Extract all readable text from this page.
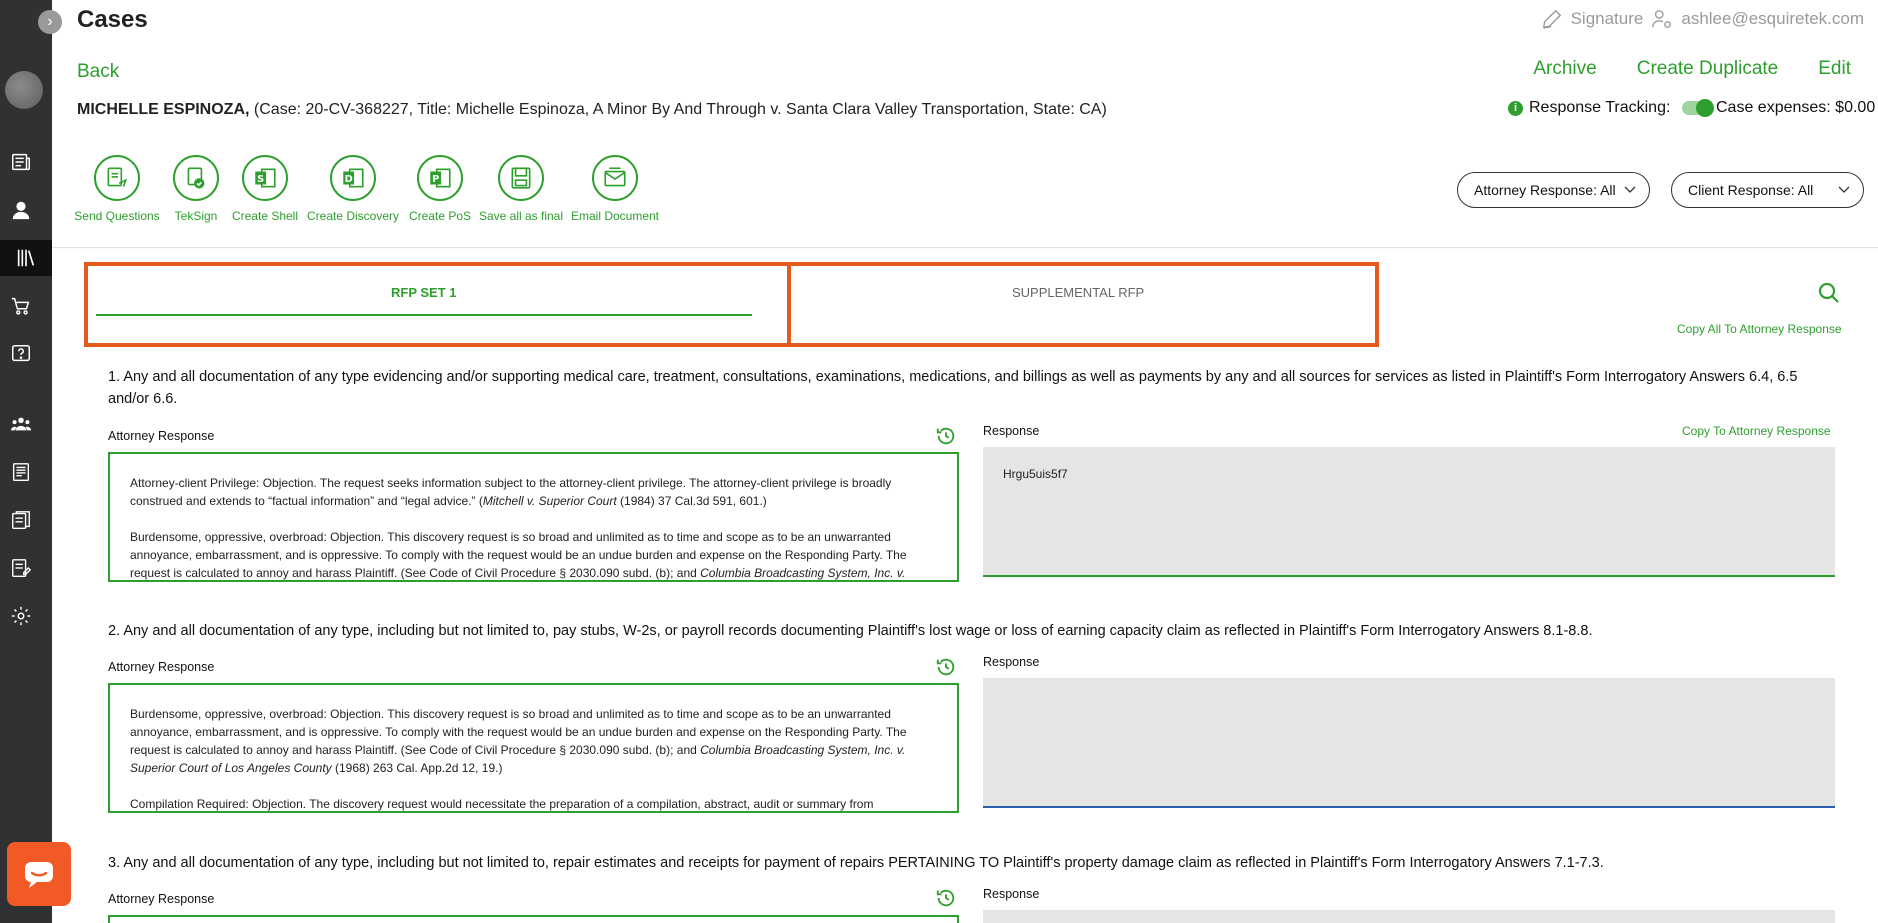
›	Cases	Signature ashlee@esquiretek.com
Back	Archive Create Duplicate Edit
MICHELLE ESPINOZA, (Case: 20-CV-368227, Title: Michelle Espinoza, A Minor By And Through v. Santa Clara Valley Transportation, State: CA)	i Response Tracking:	Case expenses: $0.00
Send Questions TekSign
S
Create Shell
D
Create Discovery
P
Create PoS Save all as final Email Document
Attorney Response: All	Client Response: All
RFP SET 1	SUPPLEMENTAL RFP
Copy All To Attorney Response
1. Any and all documentation of any type evidencing and/or supporting medical care, treatment, consultations, examinations, medications, and billings as well as payments by any and all sources for services as listed in Plaintiff's Form Interrogatory Answers 6.4, 6.5 and/or 6.6.
Attorney Response	Response	Copy To Attorney Response

Attorney-client Privilege: Objection. The request seeks information subject to the attorney-client privilege. The attorney-client privilege is broadly construed and extends to “factual information” and “legal advice.” (Mitchell v. Superior Court (1984) 37 Cal.3d 591, 601.)

Burdensome, oppressive, overbroad: Objection. This discovery request is so broad and unlimited as to time and scope as to be an unwarranted annoyance, embarrassment, and is oppressive. To comply with the request would be an undue burden and expense on the Responding Party. The request is calculated to annoy and harass Plaintiff. (See Code of Civil Procedure § 2030.090 subd. (b); and Columbia Broadcasting System, Inc. v.

Hrgu5uis5f7
2. Any and all documentation of any type, including but not limited to, pay stubs, W-2s, or payroll records documenting Plaintiff's lost wage or loss of earning capacity claim as reflected in Plaintiff's Form Interrogatory Answers 8.1-8.8.
Attorney Response	Response

Burdensome, oppressive, overbroad: Objection. This discovery request is so broad and unlimited as to time and scope as to be an unwarranted annoyance, embarrassment, and is oppressive. To comply with the request would be an undue burden and expense on the Responding Party. The request is calculated to annoy and harass Plaintiff. (See Code of Civil Procedure § 2030.090 subd. (b); and Columbia Broadcasting System, Inc. v. Superior Court of Los Angeles County (1968) 263 Cal. App.2d 12, 19.)

Compilation Required: Objection. The discovery request would necessitate the preparation of a compilation, abstract, audit or summary from

3. Any and all documentation of any type, including but not limited to, repair estimates and receipts for payment of repairs PERTAINING TO Plaintiff's property damage claim as reflected in Plaintiff's Form Interrogatory Answers 7.1-7.3.
Attorney Response	Response
